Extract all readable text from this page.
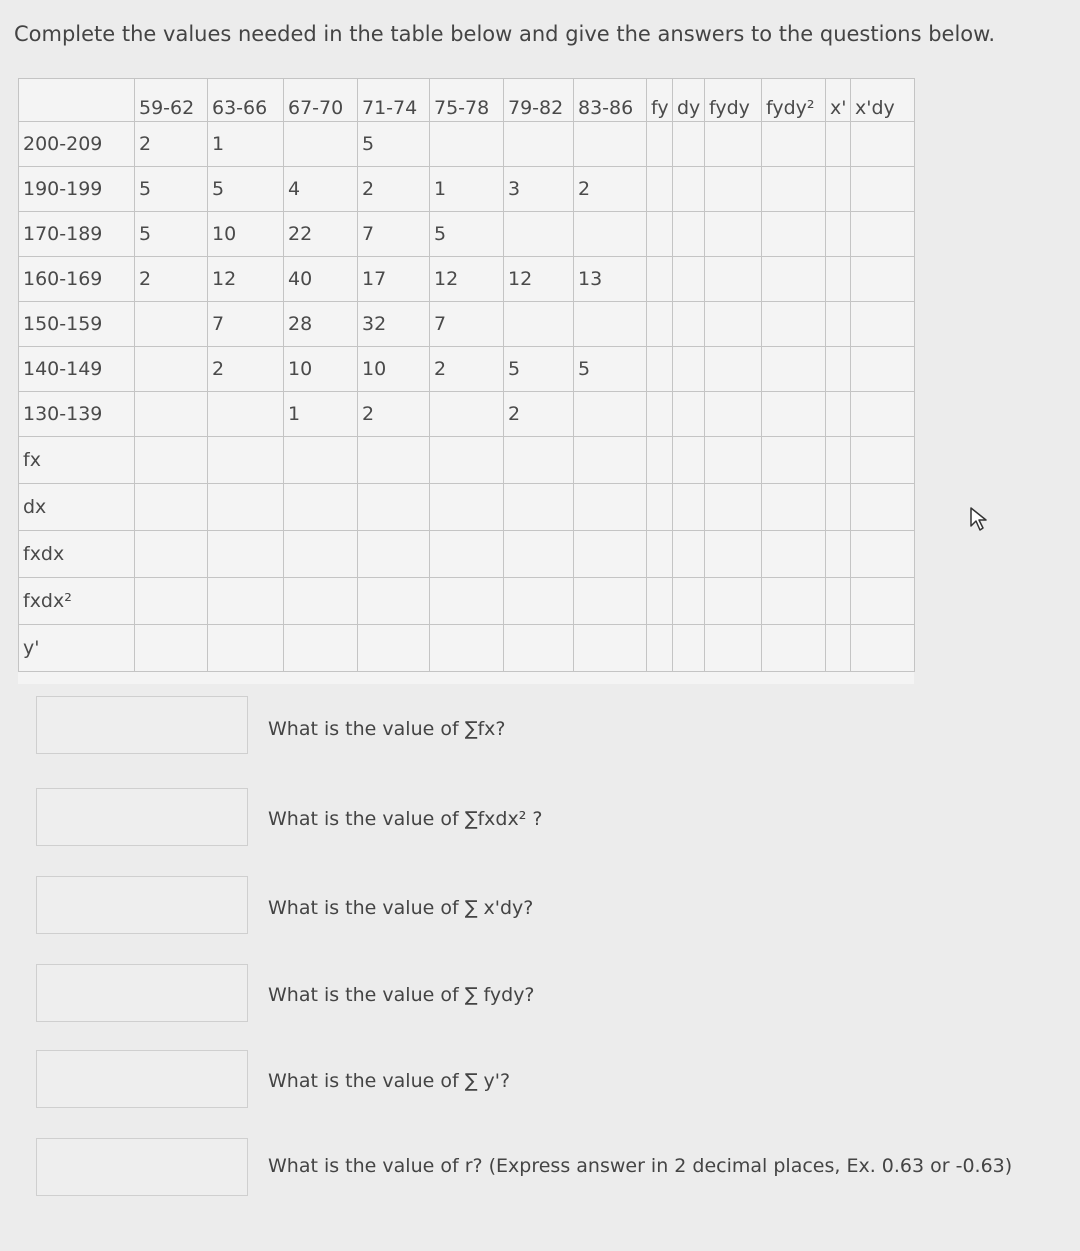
Complete the values needed in the table below and give the answers to the questions below.
	59-62	63-66	67-70	71-74	75-78	79-82	83-86	fy	dy	fydy	fydy²	x'	x'dy
200-209	2	1		5									
190-199	5	5	4	2	1	3	2						
170-189	5	10	22	7	5								
160-169	2	12	40	17	12	12	13						
150-159		7	28	32	7								
140-149		2	10	10	2	5	5						
130-139			1	2		2							
fx													
dx													
fxdx													
fxdx²													
y'													
What is the value of ∑fx?
What is the value of ∑fxdx² ?
What is the value of ∑ x'dy?
What is the value of ∑ fydy?
What is the value of ∑ y'?
What is the value of r? (Express answer in 2 decimal places, Ex. 0.63 or -0.63)
